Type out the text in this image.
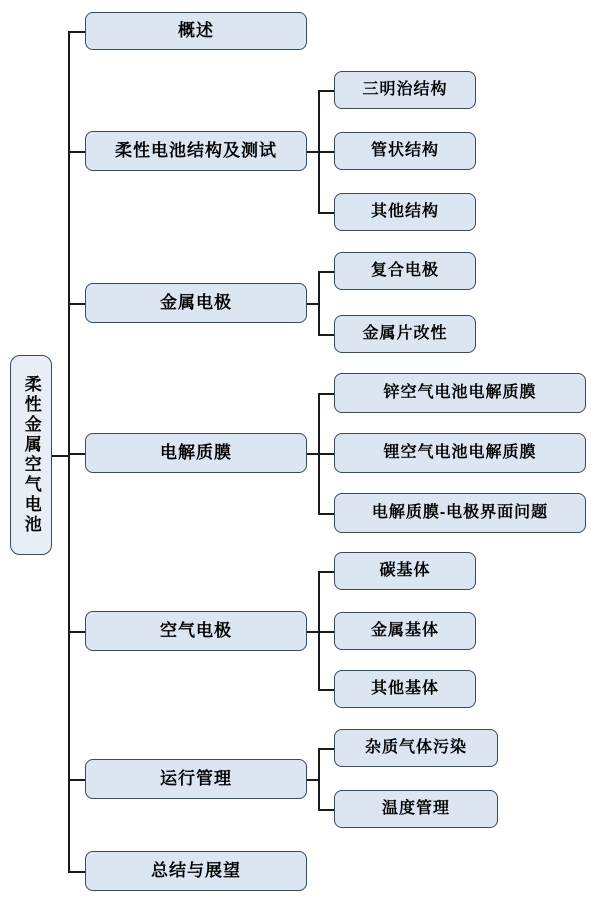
柔性金属空气电池
概述
柔性电池结构及测试
三明治结构
管状结构
其他结构
金属电极
复合电极
金属片改性
电解质膜
锌空气电池电解质膜
锂空气电池电解质膜
电解质膜-电极界面问题
空气电极
碳基体
金属基体
其他基体
运行管理
杂质气体污染
温度管理
总结与展望
